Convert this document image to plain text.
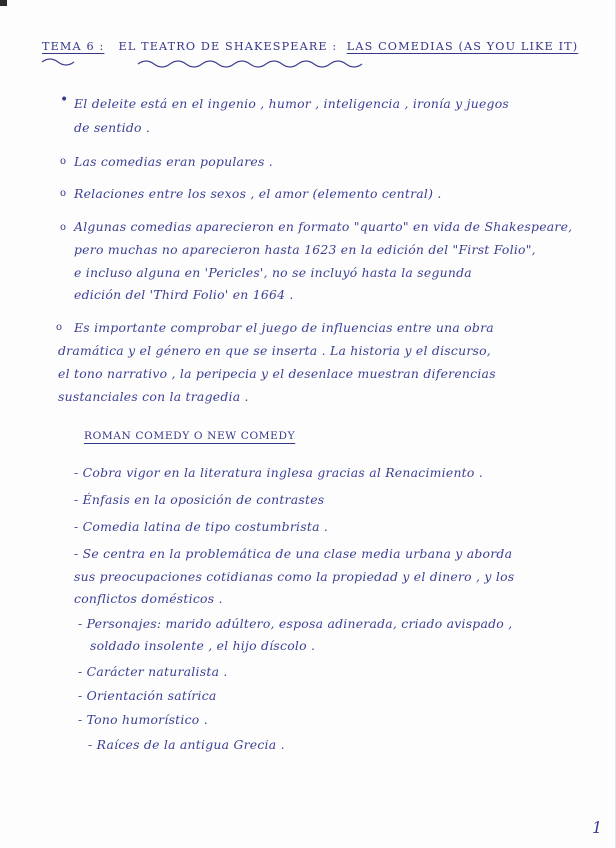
TEMA 6 : EL TEATRO DE SHAKESPEARE : LAS COMEDIAS (AS YOU LIKE IT)
• El deleite está en el ingenio , humor , inteligencia , ironía y juegos
de sentido .
o Las comedias eran populares .
o Relaciones entre los sexos , el amor (elemento central) .
o Algunas comedias aparecieron en formato "quarto" en vida de Shakespeare,
pero muchas no aparecieron hasta 1623 en la edición del "First Folio",
e incluso alguna en 'Pericles', no se incluyó hasta la segunda
edición del 'Third Folio' en 1664 .
o Es importante comprobar el juego de influencias entre una obra
dramática y el género en que se inserta . La historia y el discurso,
el tono narrativo , la peripecia y el desenlace muestran diferencias
sustanciales con la tragedia .
ROMAN COMEDY O NEW COMEDY
- Cobra vigor en la literatura inglesa gracias al Renacimiento .
- Énfasis en la oposición de contrastes
- Comedia latina de tipo costumbrista .
- Se centra en la problemática de una clase media urbana y aborda
sus preocupaciones cotidianas como la propiedad y el dinero , y los
conflictos domésticos .
- Personajes: marido adúltero, esposa adinerada, criado avispado ,
soldado insolente , el hijo díscolo .
- Carácter naturalista .
- Orientación satírica
- Tono humorístico .
- Raíces de la antigua Grecia .
1
